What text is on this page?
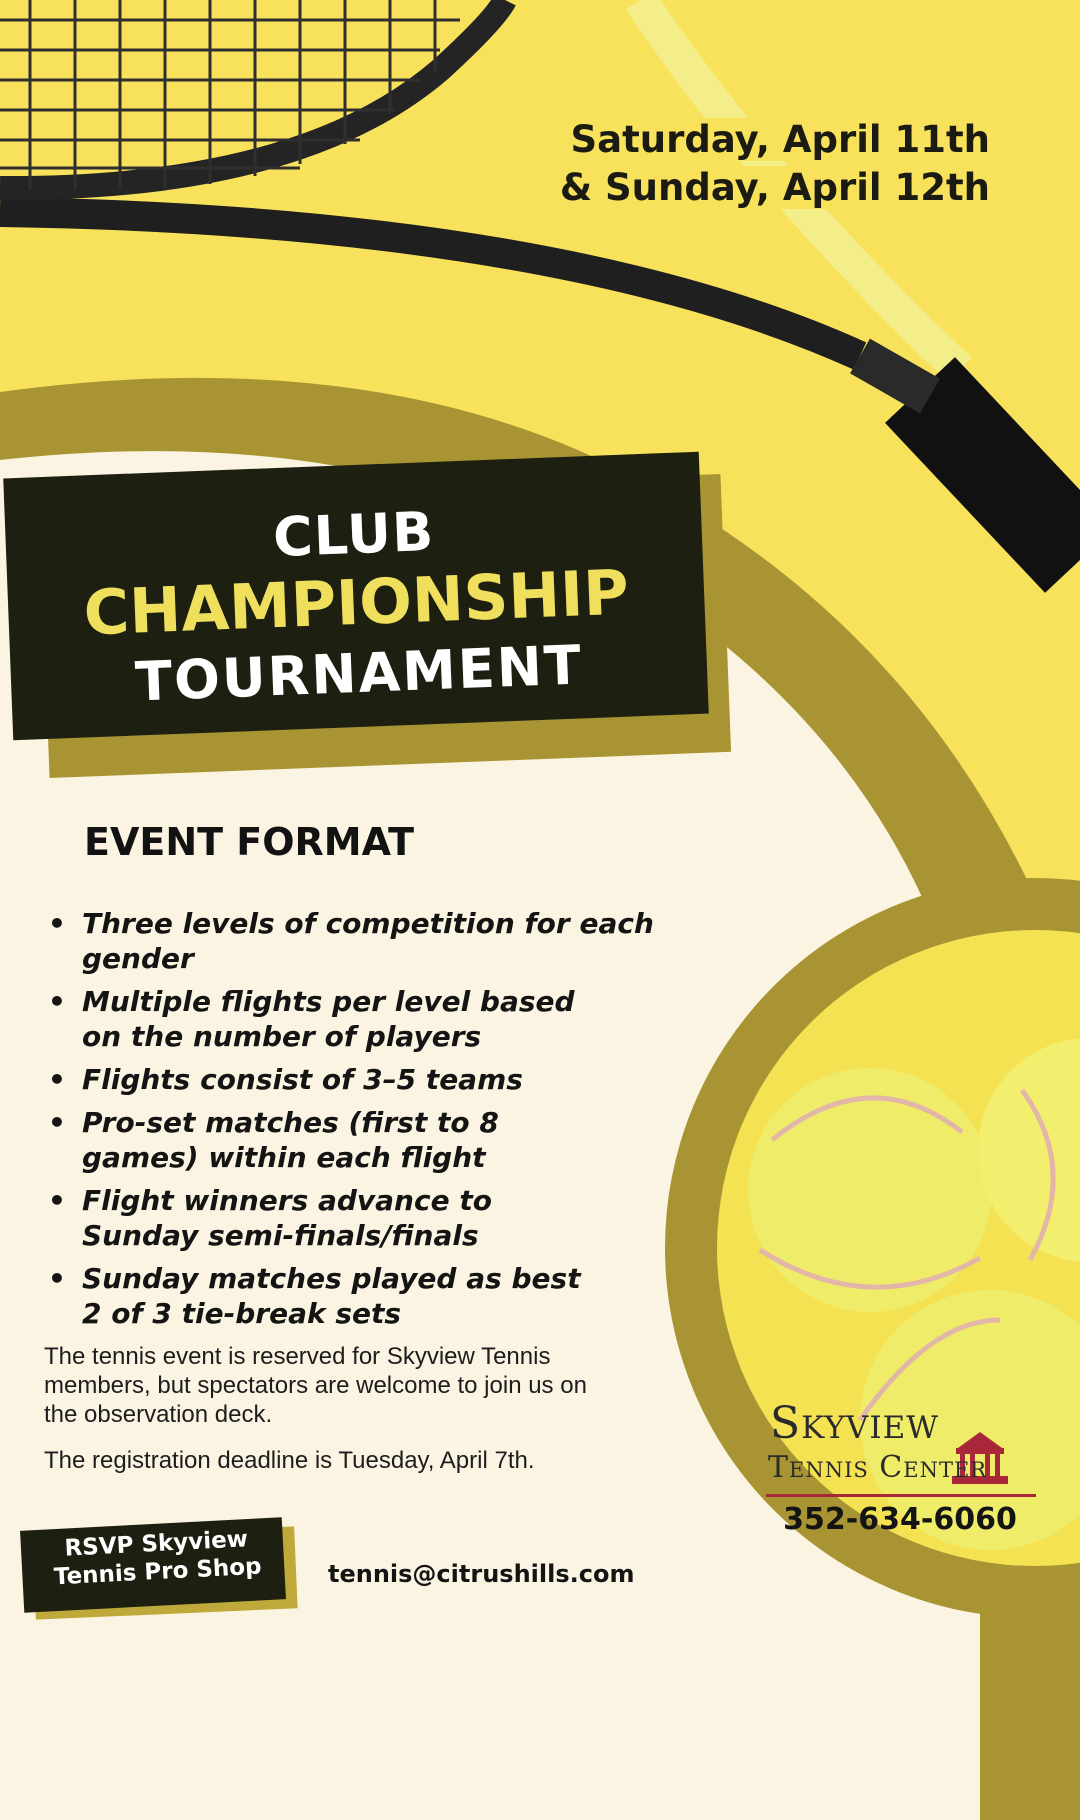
Saturday, April 11th
& Sunday, April 12th
CLUB
CHAMPIONSHIP
TOURNAMENT
EVENT FORMAT
• Three levels of competition for each gender
• Multiple flights per level based on the number of players
• Flights consist of 3–5 teams
• Pro-set matches (first to 8 games) within each flight
• Flight winners advance to Sunday semi-finals/finals
• Sunday matches played as best 2 of 3 tie-break sets

The tennis event is reserved for Skyview Tennis members, but spectators are welcome to join us on the observation deck.

The registration deadline is Tuesday, April 7th.

RSVP Skyview
Tennis Pro Shop	tennis@citrushills.com
Skyview
Tennis Center
352-634-6060
